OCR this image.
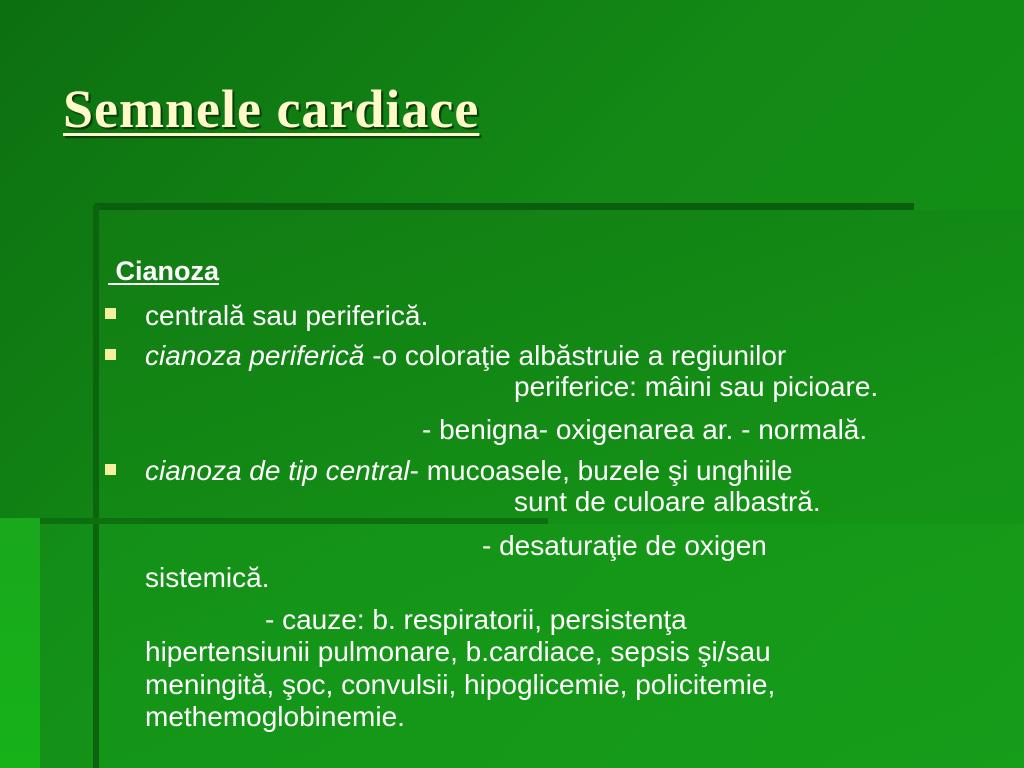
Semnele cardiace
Cianoza
centrală sau periferică.
cianoza periferică -o coloraţie albăstruie a regiunilor
periferice: mâini sau picioare.
- benigna- oxigenarea ar. - normală.
cianoza de tip central- mucoasele, buzele şi unghiile
sunt de culoare albastră.
- desaturaţie de oxigen
sistemică.
- cauze: b. respiratorii, persistenţa
hipertensiunii pulmonare, b.cardiace, sepsis şi/sau
meningită, şoc, convulsii, hipoglicemie, policitemie,
methemoglobinemie.
